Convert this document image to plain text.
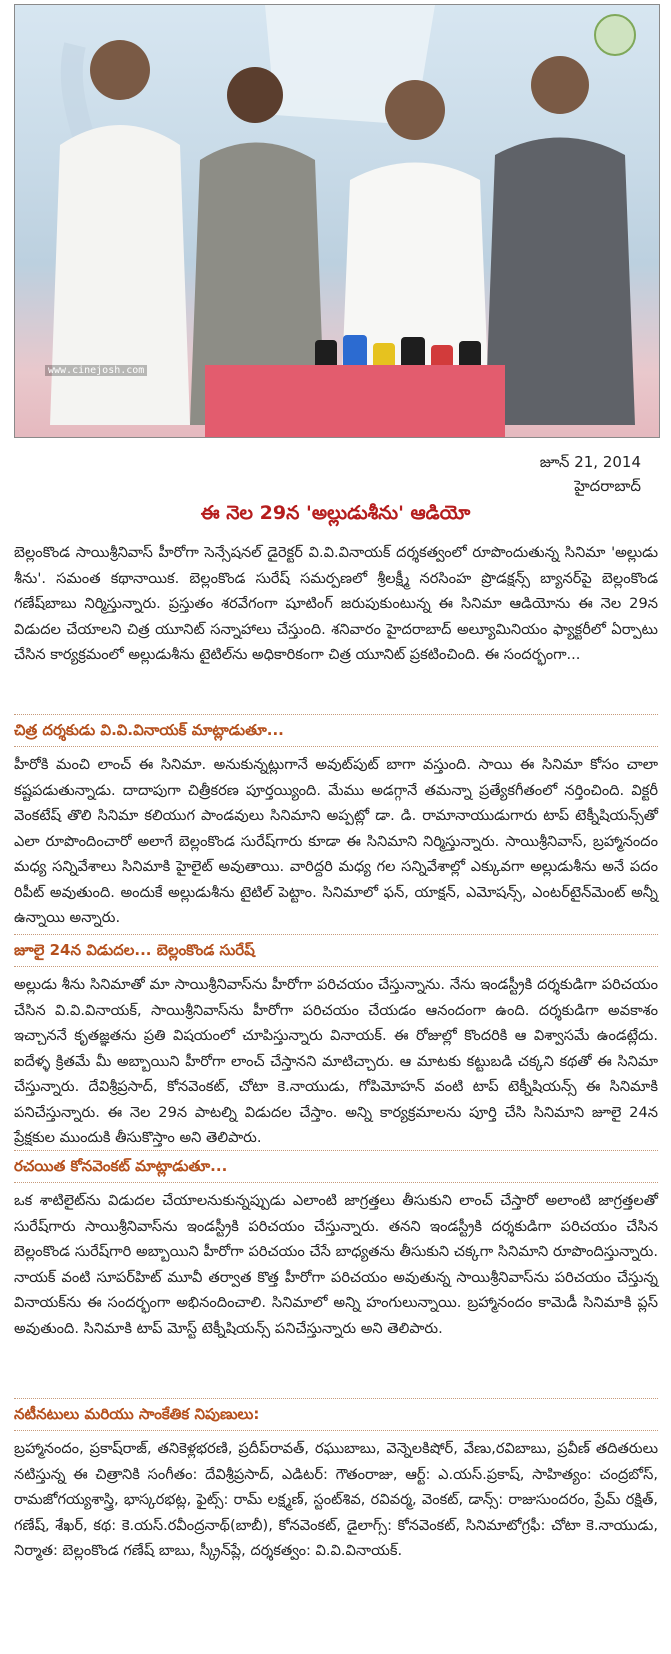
www.cinejosh.com
జూన్ 21, 2014
హైదరాబాద్
ఈ నెల 29న 'అల్లుడుశీను' ఆడియో

బెల్లంకొండ సాయిశ్రీనివాస్ హీరోగా సెన్సేషనల్ డైరెక్టర్ వి.వి.వినాయక్ దర్శకత్వంలో రూపొందుతున్న సినిమా 'అల్లుడు శీను'. సమంత కథానాయిక. బెల్లంకొండ సురేష్ సమర్పణలో శ్రీలక్ష్మీ నరసింహ ప్రొడక్షన్స్ బ్యానర్‌పై బెల్లంకొండ గణేష్‌బాబు నిర్మిస్తున్నారు. ప్రస్తుతం శరవేగంగా షూటింగ్ జరుపుకుంటున్న ఈ సినిమా ఆడియోను ఈ నెల 29న విడుదల చేయాలని చిత్ర యూనిట్ సన్నాహాలు చేస్తుంది. శనివారం హైదరాబాద్ అల్యూమినియం ఫ్యాక్టరీలో ఏర్పాటు చేసిన కార్యక్రమంలో అల్లుడుశీను టైటిల్‌ను అధికారికంగా చిత్ర యూనిట్ ప్రకటించింది. ఈ సందర్భంగా...

చిత్ర దర్శకుడు వి.వి.వినాయక్ మాట్లాడుతూ...

హీరోకి మంచి లాంచ్ ఈ సినిమా. అనుకున్నట్లుగానే అవుట్‌పుట్ బాగా వస్తుంది. సాయి ఈ సినిమా కోసం చాలా కష్టపడుతున్నాడు. దాదాపుగా చిత్రీకరణ పూర్తయ్యింది. మేము అడగ్గానే తమన్నా ప్రత్యేకగీతంలో నర్తించింది. విక్టరీ వెంకటేష్ తొలి సినిమా కలియుగ పాండవులు సినిమాని అప్పట్లో డా. డి. రామానాయుడుగారు టాప్ టెక్నీషియన్స్‌తో ఎలా రూపొందించారో అలాగే బెల్లంకొండ సురేష్‌గారు కూడా ఈ సినిమాని నిర్మిస్తున్నారు. సాయిశ్రీనివాస్, బ్రహ్మానందం మధ్య సన్నివేశాలు సినిమాకి హైలైట్ అవుతాయి. వారిద్దరి మధ్య గల సన్నివేశాల్లో ఎక్కువగా అల్లుడుశీను అనే పదం రిపీట్ అవుతుంది. అందుకే అల్లుడుశీను టైటిల్ పెట్టాం. సినిమాలో ఫన్, యాక్షన్, ఎమోషన్స్, ఎంటర్‌టైన్‌మెంట్ అన్నీ ఉన్నాయి అన్నారు.

జూలై 24న విడుదల... బెల్లంకొండ సురేష్

అల్లుడు శీను సినిమాతో మా సాయిశ్రీనివాస్‌ను హీరోగా పరిచయం చేస్తున్నాను. నేను ఇండస్ట్రీకి దర్శకుడిగా పరిచయం చేసిన వి.వి.వినాయక్, సాయిశ్రీనివాస్‌ను హీరోగా పరిచయం చేయడం ఆనందంగా ఉంది. దర్శకుడిగా అవకాశం ఇచ్చాననే కృతజ్ఞతను ప్రతి విషయంలో చూపిస్తున్నారు వినాయక్. ఈ రోజుల్లో కొందరికి ఆ విశ్వాసమే ఉండట్లేదు. ఐదేళ్ళ క్రితమే మీ అబ్బాయిని హీరోగా లాంచ్ చేస్తానని మాటిచ్చారు. ఆ మాటకు కట్టుబడి చక్కని కథతో ఈ సినిమా చేస్తున్నారు. దేవిశ్రీప్రసాద్, కోనవెంకట్, చోటా కె.నాయుడు, గోపిమోహన్ వంటి టాప్ టెక్నీషియన్స్ ఈ సినిమాకి పనిచేస్తున్నారు. ఈ నెల 29న పాటల్ని విడుదల చేస్తాం. అన్ని కార్యక్రమాలను పూర్తి చేసి సినిమాని జూలై 24న ప్రేక్షకుల ముందుకి తీసుకొస్తాం అని తెలిపారు.

రచయిత కోనవెంకట్ మాట్లాడుతూ...

ఒక శాటిలైట్‌ను విడుదల చేయాలనుకున్నప్పుడు ఎలాంటి జాగ్రత్తలు తీసుకుని లాంచ్ చేస్తారో అలాంటి జాగ్రత్తలతో సురేష్‌గారు సాయిశ్రీనివాస్‌ను ఇండస్ట్రీకి పరిచయం చేస్తున్నారు. తనని ఇండస్ట్రీకి దర్శకుడిగా పరిచయం చేసిన బెల్లంకొండ సురేష్‌గారి అబ్బాయిని హీరోగా పరిచయం చేసే బాధ్యతను తీసుకుని చక్కగా సినిమాని రూపొందిస్తున్నారు. నాయక్ వంటి సూపర్‌హిట్ మూవీ తర్వాత కొత్త హీరోగా పరిచయం అవుతున్న సాయిశ్రీనివాస్‌ను పరిచయం చేస్తున్న వినాయక్‌ను ఈ సందర్భంగా అభినందించాలి. సినిమాలో అన్ని హంగులున్నాయి. బ్రహ్మానందం కామెడీ సినిమాకి ప్లస్ అవుతుంది. సినిమాకి టాప్ మోస్ట్ టెక్నీషియన్స్ పనిచేస్తున్నారు అని తెలిపారు.

నటీనటులు మరియు సాంకేతిక నిపుణులు:

బ్రహ్మానందం, ప్రకాష్‌రాజ్, తనికెళ్లభరణి, ప్రదీప్‌రావత్, రఘుబాబు, వెన్నెలకిషోర్, వేణు,రవిబాబు, ప్రవీణ్ తదితరులు నటిస్తున్న ఈ చిత్రానికి సంగీతం: దేవిశ్రీప్రసాద్, ఎడిటర్: గౌతంరాజు, ఆర్ట్: ఎ.యస్.ప్రకాష్, సాహిత్యం: చంద్రబోస్, రామజోగయ్యశాస్త్రి, భాస్కరభట్ల, ఫైట్స్: రామ్ లక్ష్మణ్, స్టంట్‌శివ, రవివర్మ, వెంకట్, డాన్స్: రాజుసుందరం, ప్రేమ్ రక్షిత్, గణేష్, శేఖర్, కథ: కె.యస్.రవీంద్రనాథ్(బాబీ), కోనవెంకట్, డైలాగ్స్: కోనవెంకట్, సినిమాటోగ్రఫీ: చోటా కె.నాయుడు, నిర్మాత: బెల్లంకొండ గణేష్ బాబు, స్క్రీన్‌ప్లే, దర్శకత్వం: వి.వి.వినాయక్.
